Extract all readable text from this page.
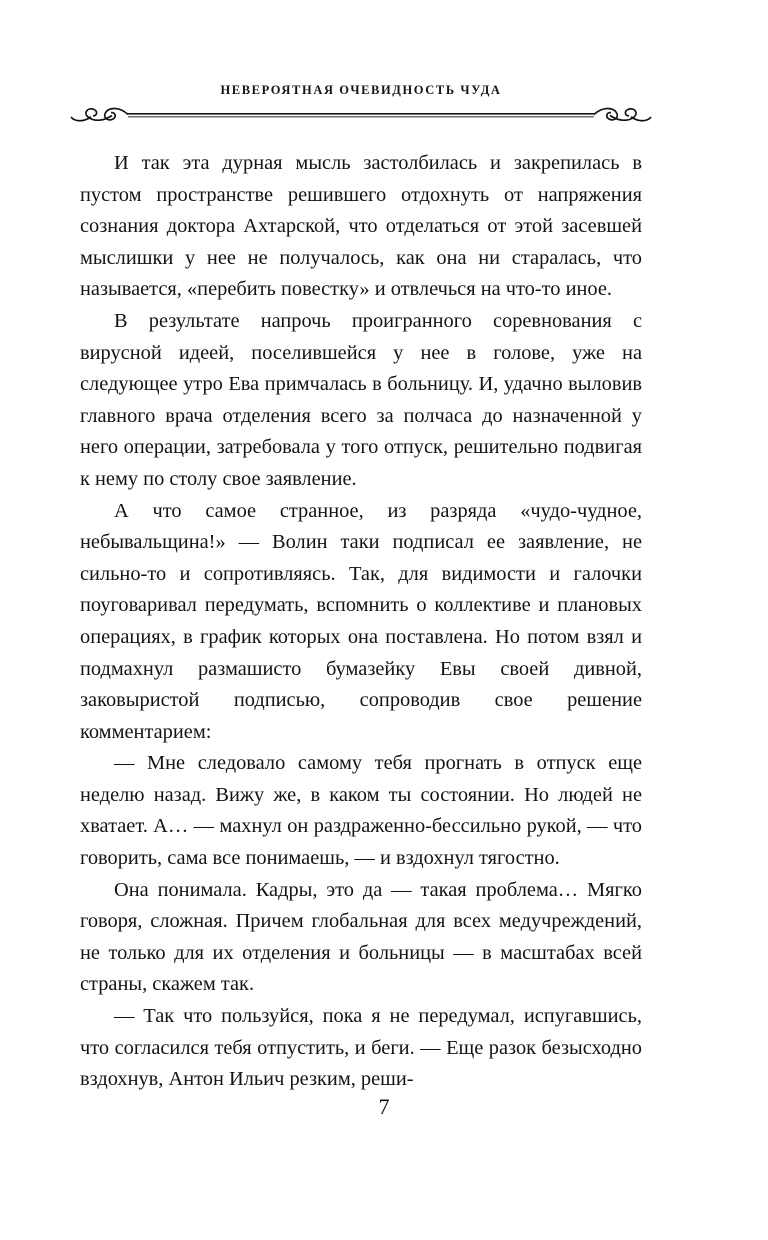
НЕВЕРОЯТНАЯ ОЧЕВИДНОСТЬ ЧУДА

И так эта дурная мысль застолбилась и закрепилась в пустом пространстве решившего отдохнуть от напряжения сознания доктора Ахтарской, что отделаться от этой засевшей мыслишки у нее не получалось, как она ни старалась, что называется, «перебить повестку» и отвлечься на что-то иное.

В результате напрочь проигранного соревнования с вирусной идеей, поселившейся у нее в голове, уже на следующее утро Ева примчалась в больницу. И, удачно выловив главного врача отделения всего за полчаса до назначенной у него операции, затребовала у того отпуск, решительно подвигая к нему по столу свое заявление.

А что самое странное, из разряда «чудо-чудное, небывальщина!» — Волин таки подписал ее заявление, не сильно-то и сопротивляясь. Так, для видимости и галочки поуговаривал передумать, вспомнить о коллективе и плановых операциях, в график которых она поставлена. Но потом взял и подмахнул размашисто бумазейку Евы своей дивной, заковыристой подписью, сопроводив свое решение комментарием:

— Мне следовало самому тебя прогнать в отпуск еще неделю назад. Вижу же, в каком ты состоянии. Но людей не хватает. А… — махнул он раздраженно-бессильно рукой, — что говорить, сама все понимаешь, — и вздохнул тягостно.

Она понимала. Кадры, это да — такая проблема… Мягко говоря, сложная. Причем глобальная для всех медучреждений, не только для их отделения и больницы — в масштабах всей страны, скажем так.

— Так что пользуйся, пока я не передумал, испугавшись, что согласился тебя отпустить, и беги. — Еще разок безысходно вздохнув, Антон Ильич резким, реши-

7
